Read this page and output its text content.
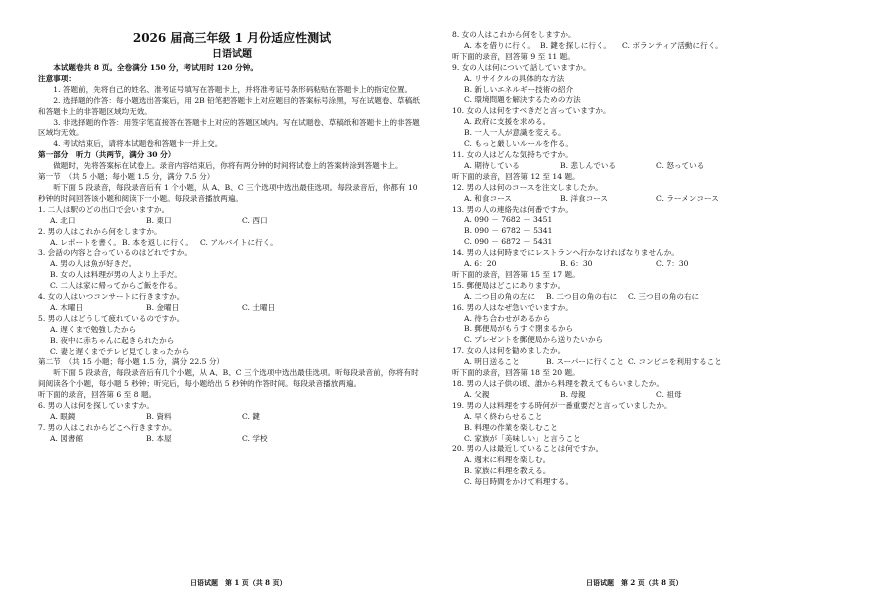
2026 届高三年级 1 月份适应性测试
日语试题

本试题卷共 8 页。全卷满分 150 分，考试用时 120 分钟。

注意事项：

1. 答题前，先将自己的姓名、准考证号填写在答题卡上，并将准考证号条形码粘贴在答题卡上的指定位置。

2. 选择题的作答：每小题选出答案后，用 2B 铅笔把答题卡上对应题目的答案标号涂黑，写在试题卷、草稿纸和答题卡上的非答题区域均无效。

3. 非选择题的作答：用签字笔直接答在答题卡上对应的答题区域内。写在试题卷、草稿纸和答题卡上的非答题区域均无效。

4. 考试结束后，请将本试题卷和答题卡一并上交。

第一部分　听力（共两节，满分 30 分）

做题时，先将答案标在试卷上。录音内容结束后，你将有两分钟的时间将试卷上的答案转涂到答题卡上。

第一节　（共 5 小题；每小题 1.5 分，满分 7.5 分）

听下面 5 段录音，每段录音后有 1 个小题，从 A、B、C 三个选项中选出最佳选项。每段录音后，你都有 10 秒钟的时间回答该小题和阅读下一小题。每段录音播放两遍。

1. 二人は駅のどの出口で会いますか。

A. 北口	B. 東口	C. 西口

2. 男の人はこれから何をしますか。

A. レポートを書く。 B. 本を返しに行く。 C. アルバイトに行く。

3. 会話の内容と合っているのはどれですか。

A. 男の人は魚が好きだ。
B. 女の人は料理が男の人より上手だ。
C. 二人は家に帰ってからご飯を作る。

4. 女の人はいつコンサートに行きますか。

A. 木曜日	B. 金曜日	C. 土曜日

5. 男の人はどうして疲れているのですか。

A. 遅くまで勉強したから
B. 夜中に赤ちゃんに起きられたから
C. 妻と遅くまでテレビ見てしまったから

第二节　（共 15 小题；每小题 1.5 分，满分 22.5 分）

听下面 5 段录音，每段录音后有几个小题，从 A、B、C 三个选项中选出最佳选项。听每段录音前，你将有时间阅读各个小题，每小题 5 秒钟；听完后，每小题给出 5 秒钟的作答时间。每段录音播放两遍。

听下面的录音，回答第 6 至 8 题。

6. 男の人は何を探していますか。

A. 眼鏡	B. 資料	C. 鍵

7. 男の人はこれからどこへ行きますか。

A. 図書館	B. 本屋	C. 学校

8. 女の人はこれから何をしますか。

A. 本を借りに行く。 B. 鍵を探しに行く。	C. ボランティア活動に行く。

听下面的录音，回答第 9 至 11 题。

9. 女の人は何について話していますか。

A. リサイクルの具体的な方法
B. 新しいエネルギー技術の紹介
C. 環境問題を解決するための方法

10. 女の人は何をすべきだと言っていますか。

A. 政府に支援を求める。
B. 一人一人が意識を変える。
C. もっと厳しいルールを作る。

11. 女の人はどんな気持ちですか。

A. 期待している	B. 悲しんでいる	C. 怒っている

听下面的录音，回答第 12 至 14 题。

12. 男の人は何のコースを注文しましたか。

A. 和食コース	B. 洋食コース	C. ラーメンコース

13. 男の人の連絡先は何番ですか。

A. 090 － 7682 － 3451
B. 090 － 6782 － 5341
C. 090 － 6872 － 5431

14. 男の人は何時までにレストランへ行かなければなりませんか。

A. 6：20	B. 6：30	C. 7：30

听下面的录音，回答第 15 至 17 题。

15. 郵便局はどこにありますか。

A. 二つ目の角の左に	B. 二つ目の角の右に	C. 三つ目の角の右に

16. 男の人はなぜ急いでいますか。

A. 待ち合わせがあるから
B. 郵便局がもうすぐ閉まるから
C. プレゼントを郵便局から送りたいから

17. 女の人は何を勧めましたか。

A. 明日送ること	B. スーパーに行くこと C. コンビニを利用すること

听下面的录音，回答第 18 至 20 题。

18. 男の人は子供の頃、誰から料理を教えてもらいましたか。

A. 父親	B. 母親	C. 祖母

19. 男の人は料理をする時何が一番重要だと言っていましたか。

A. 早く終わらせること
B. 料理の作業を楽しむこと
C. 家族が「美味しい」と言うこと

20. 男の人は最近していることは何ですか。

A. 週末に料理を楽しむ。
B. 家族に料理を教える。
C. 毎日時間をかけて料理する。
日语试题　第 1 页（共 8 页）	日语试题　第 2 页（共 8 页）
